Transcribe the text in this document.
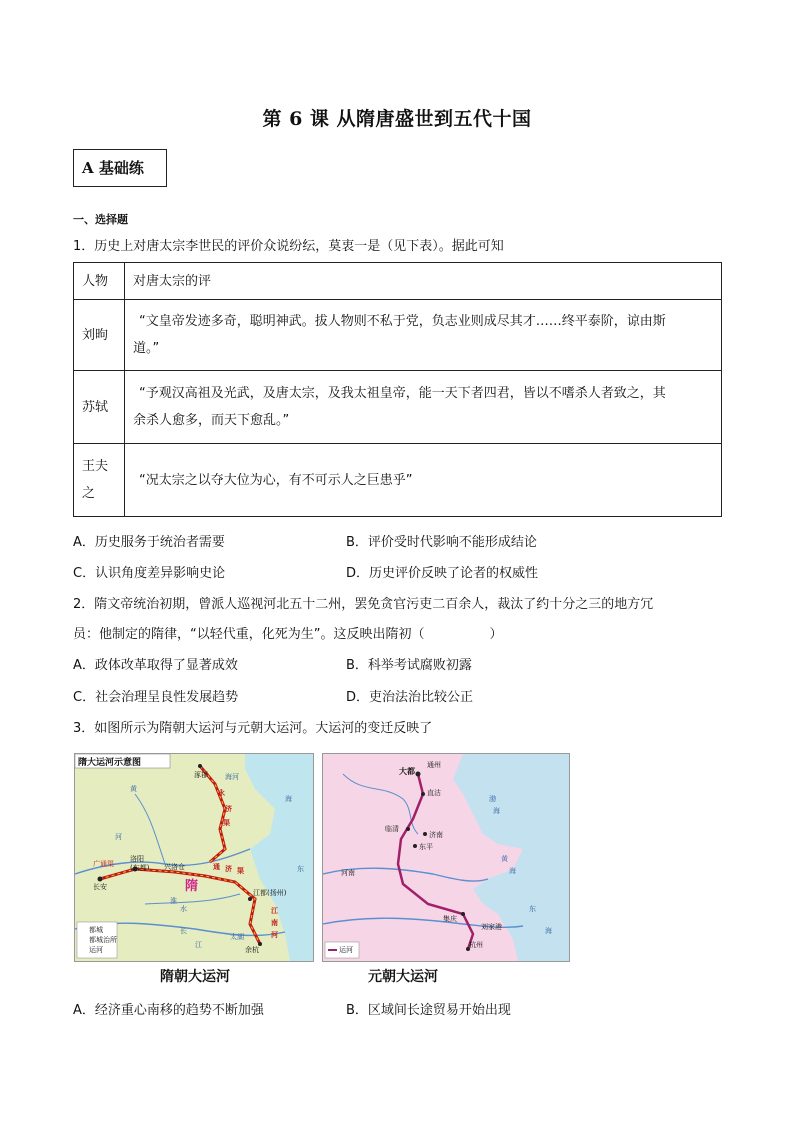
第 6 课 从隋唐盛世到五代十国
A 基础练
一、选择题
1．历史上对唐太宗李世民的评价众说纷纭，莫衷一是（见下表）。据此可知
人物	对唐太宗的评
刘昫	“文皇帝发迹多奇，聪明神武。拔人物则不私于党，负志业则成尽其才……终平泰阶，谅由斯
道。”

苏轼	“予观汉高祖及光武，及唐太宗，及我太祖皇帝，能一天下者四君，皆以不嗜杀人者致之，其
余杀人愈多，而天下愈乱。”

王夫
之	“况太宗之以夺大位为心，有不可示人之巨患乎”
A．历史服务于统治者需要	B．评价受时代影响不能形成结论
C．认识角度差异影响史论	D．历史评价反映了论者的权威性
2．隋文帝统治初期，曾派人巡视河北五十二州，罢免贪官污吏二百余人，裁汰了约十分之三的地方冗
员：他制定的隋律，“以轻代重，化死为生”。这反映出隋初（　　　　　）
A．政体改革取得了显著成效	B．科举考试腐败初露
C．社会治理呈良性发展趋势	D．吏治法治比较公正
3．如图所示为隋朝大运河与元朝大运河。大运河的变迁反映了
隋大运河示意图
涿郡
永
济
渠
通 济 渠
洛阳
(东都)
长安
广通渠	兴洛仓
江都(扬州)
江
南
河
余杭
隋
黄
河
海
东
长
江
淮
水
海河
太湖
都城
都城治所
运河
大都
通州
直沽
临清
济南
东平
河南
集庆
刘家港
杭州
黄
海
东
海
渤
海
运河
隋朝大运河	元朝大运河
A．经济重心南移的趋势不断加强	B．区域间长途贸易开始出现
